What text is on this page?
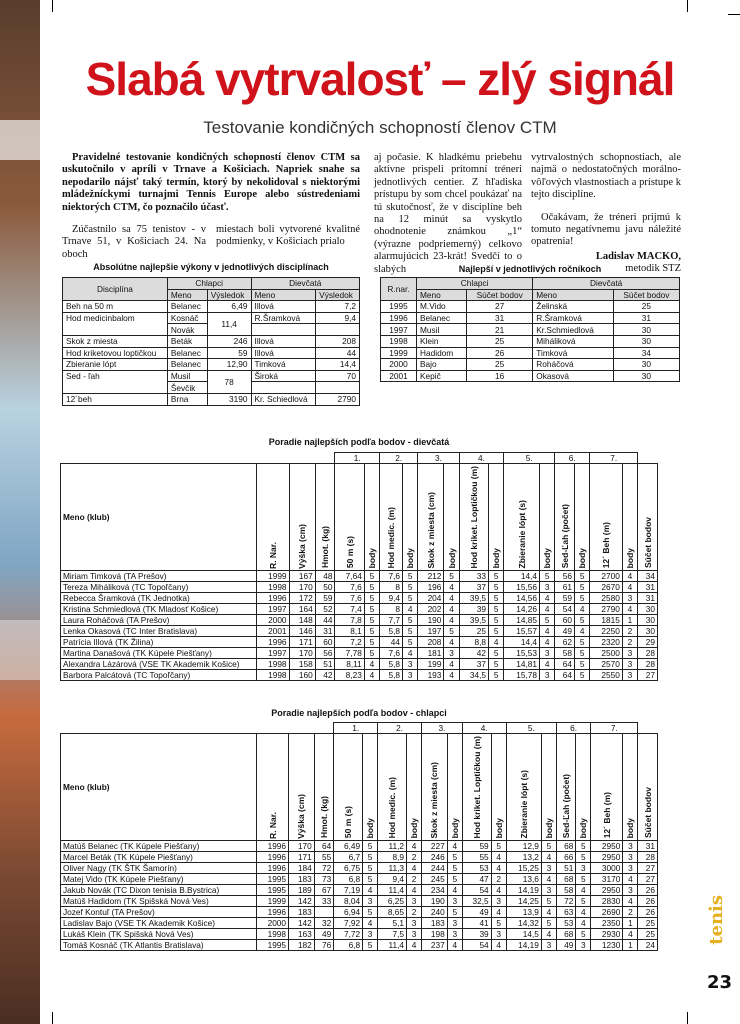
Slabá vytrvalosť – zlý signál
Testovanie kondičných schopností členov CTM

Pravidelné testovanie kondičných schopností členov CTM sa uskutočnilo v apríli v Trnave a Košiciach. Napriek snahe sa nepodarilo nájsť taký termín, ktorý by nekolidoval s niektorými mládežníckymi turnajmi Tennis Europe alebo sústredeniami niektorých CTM, čo poznačilo účasť.

Zúčastnilo sa 75 tenistov - v Trnave 51, v Košiciach 24. Na oboch

miestach boli vytvorené kvalitné podmienky, v Košiciach prialo

aj počasie. K hladkému priebehu aktívne prispeli prítomní tréneri jednotlivých centier. Z hľadiska prístupu by som chcel poukázať na tú skutočnosť, že v disciplíne beh na 12 minút sa vyskytlo ohodnotenie známkou „1“ (výrazne podpriemerný) celkovo alarmujúcich 23-krát! Svedčí to o slabých

vytrvalostných schopnostiach, ale najmä o nedostatočných morálno-vôľových vlastnostiach a prístupe k tejto disciplíne.

Očakávam, že tréneri prijmú k tomuto negatívnemu javu náležité opatrenia!

Ladislav MACKO,

metodik STZ

Absolútne najlepšie výkony v jednotlivých disciplínach
Disciplína	Chlapci		Dievčatá	
	Meno	Výsledok	Meno	Výsledok
Beh na 50 m	Belanec	6,49	Illová	7,2
Hod medicinbalom	Kosnáč	11,4	R.Šramková	9,4
	Novák			
Skok z miesta	Beták	246	Illová	208
Hod kriketovou loptičkou	Belanec	59	Illová	44
Zbieranie lópt	Belanec	12,90	Timková	14,4
Sed - ľah	Musil	78	Široká	70
	Ševčik			
12´beh	Brna	3190	Kr. Schiedlová	2790
Najlepší v jednotlivých ročníkoch
R.nar.	Chlapci		Dievčatá	
	Meno	Súčet bodov	Meno	Súčet bodov
1995	M.Vido	27	Želinská	25
1996	Belanec	31	R.Šramková	31
1997	Musil	21	Kr.Schmiedlová	30
1998	Klein	25	Miháliková	30
1999	Hadidom	26	Timková	34
2000	Bajo	25	Roháčová	30
2001	Kepič	16	Okasová	30
Poradie najlepších podľa bodov - dievčatá
				1.		2.		3.		4.		5.		6.		7.		
Meno (klub)	R. Nar.	Výška (cm)	Hmot. (kg)	50 m (s)	body	Hod medic. (m)	body	Skok z miesta (cm)	body	Hod kriket. Loptičkou (m)	body	Zbieranie lópt (s)	body	Sed-Ľah (počet)	body	12´ Beh (m)	body	Súčet bodov

Miriam Timková (TA Prešov)	1999	167	48	7,64	5	7,6	5	212	5	33	5	14,4	5	56	5	2700	4	34
Tereza Miháliková (TC Topoľčany)	1998	170	50	7,6	5	8	5	196	4	37	5	15,56	3	61	5	2670	4	31
Rebecca Šramková (TK Jednotka)	1996	172	59	7,6	5	9,4	5	204	4	39,5	5	14,56	4	59	5	2580	3	31
Kristina Schmiedlová (TK Mladosť Košice)	1997	164	52	7,4	5	8	4	202	4	39	5	14,26	4	54	4	2790	4	30
Laura Roháčová (TA Prešov)	2000	148	44	7,8	5	7,7	5	190	4	39,5	5	14,85	5	60	5	1815	1	30
Lenka Okasová (TC Inter Bratislava)	2001	146	31	8,1	5	5,8	5	197	5	25	5	15,57	4	49	4	2250	2	30
Patrícia Illová (TK Žilina)	1996	171	60	7,2	5	44	5	208	4	8,8	4	14,4	4	62	5	2320	2	29
Martina Današová (TK Kúpele Piešťany)	1997	170	56	7,78	5	7,6	4	181	3	42	5	15,53	3	58	5	2500	3	28
Alexandra Lázárová (VSE TK Akademik Košice)	1998	158	51	8,11	4	5,8	3	199	4	37	5	14,81	4	64	5	2570	3	28
Barbora Palcátová (TC Topoľčany)	1998	160	42	8,23	4	5,8	3	193	4	34,5	5	15,78	3	64	5	2550	3	27
Poradie najlepších podľa bodov - chlapci
				1.		2.		3.		4.		5.		6.		7.		
Meno (klub)	R. Nar.	Výška (cm)	Hmot. (kg)	50 m (s)	body	Hod medic. (m)	body	Skok z miesta (cm)	body	Hod kriket. Loptičkou (m)	body	Zbieranie lópt (s)	body	Sed-Ľah (počet)	body	12´ Beh (m)	body	Súčet bodov

Matúš Belanec (TK Kúpele Piešťany)	1996	170	64	6,49	5	11,2	4	227	4	59	5	12,9	5	68	5	2950	3	31
Marcel Beták (TK Kúpele Piešťany)	1996	171	55	6,7	5	8,9	2	246	5	55	4	13,2	4	66	5	2950	3	28
Oliver Nagy (TK ŠTK Šamorín)	1996	184	72	6,75	5	11,3	4	244	5	53	4	15,25	3	51	3	3000	3	27
Matej Vido (TK Kúpele Piešťany)	1995	183	73	6,8	5	9,4	2	245	5	47	2	13,6	4	68	5	3170	4	27
Jakub Novák (TC Dixon tenisia B.Bystrica)	1995	189	67	7,19	4	11,4	4	234	4	54	4	14,19	3	58	4	2950	3	26
Matúš Hadidom (TK Spišská Nová Ves)	1999	142	33	8,04	3	6,25	3	190	3	32,5	3	14,25	5	72	5	2830	4	26
Jozef Kontuľ (TA Prešov)	1996	183		6,94	5	8,65	2	240	5	49	4	13,9	4	63	4	2690	2	26
Ladislav Bajo (VSE TK Akademik Košice)	2000	142	32	7,92	4	5,1	3	183	3	41	5	14,32	5	53	4	2350	1	25
Lukáš Klein (TK Spišská Nová Ves)	1998	163	49	7,72	3	7,5	3	198	3	39	3	14,5	4	68	5	2930	4	25
Tomáš Kosnáč (TK Atlantis Bratislava)	1995	182	76	6,8	5	11,4	4	237	4	54	4	14,19	3	49	3	1230	1	24
tenis
23
